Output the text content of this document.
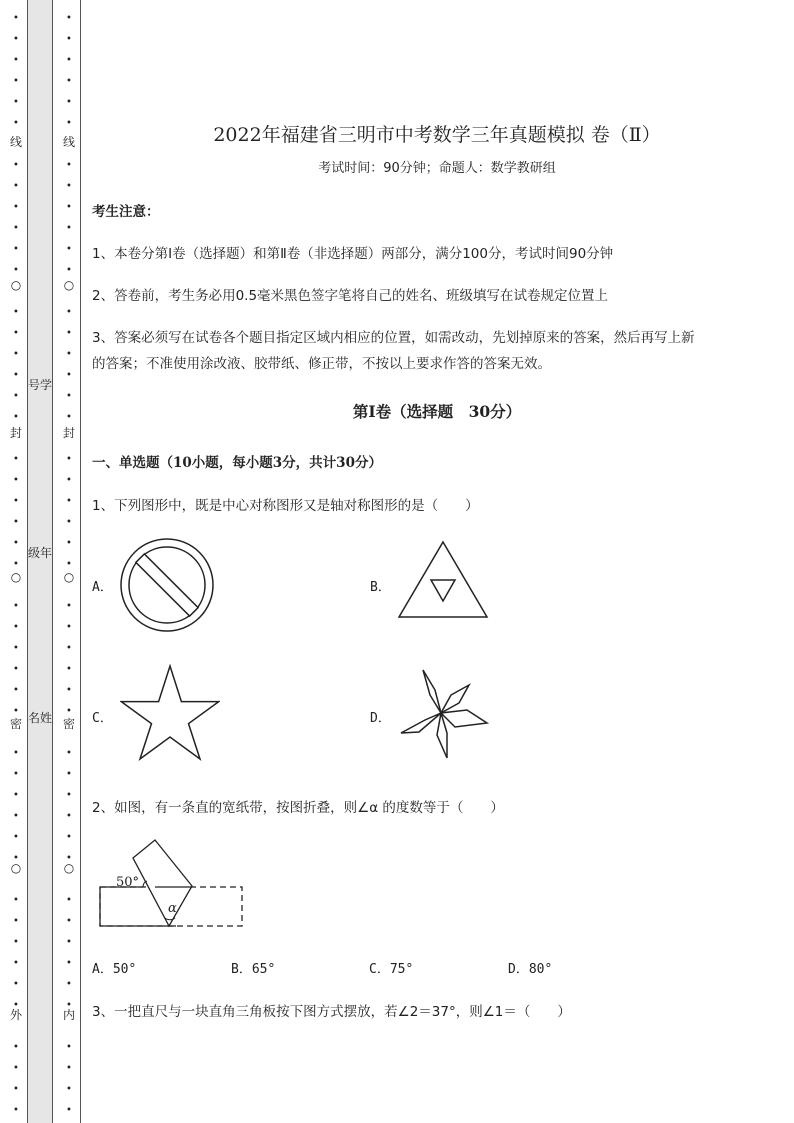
•
•
•
•
•
•
•
•
•
•
•
•
•
•
•
•
•
•
•
•
•
•
•
•
•
•
•
•
•
•
•
•
•
•
•
•
•
•
•
•
•
•
•
•
•
•
线
○
封
○
密
○
外
号学
级年
名姓
•
•
•
•
•
•
•
•
•
•
•
•
•
•
•
•
•
•
•
•
•
•
•
•
•
•
•
•
•
•
•
•
•
•
•
•
•
•
•
•
•
•
•
•
•
•
线
○
封
○
密
○
内
2022年福建省三明市中考数学三年真题模拟 卷（Ⅱ）
考试时间：90分钟；命题人：数学教研组
考生注意：
1、本卷分第Ⅰ卷（选择题）和第Ⅱ卷（非选择题）两部分，满分100分，考试时间90分钟
2、答卷前，考生务必用0.5毫米黑色签字笔将自己的姓名、班级填写在试卷规定位置上
3、答案必须写在试卷各个题目指定区域内相应的位置，如需改动，先划掉原来的答案，然后再写上新
的答案；不准使用涂改液、胶带纸、修正带，不按以上要求作答的答案无效。
第Ⅰ卷（选择题　30分）
一、单选题（10小题，每小题3分，共计30分）
1、下列图形中，既是中心对称图形又是轴对称图形的是（　　）
A．	B．
C．	D．
2、如图，有一条直的宽纸带，按图折叠，则∠α 的度数等于（　　）
50°
α
A．50°	B．65°	C．75°	D．80°
3、一把直尺与一块直角三角板按下图方式摆放，若∠2＝37°，则∠1＝（　　）
